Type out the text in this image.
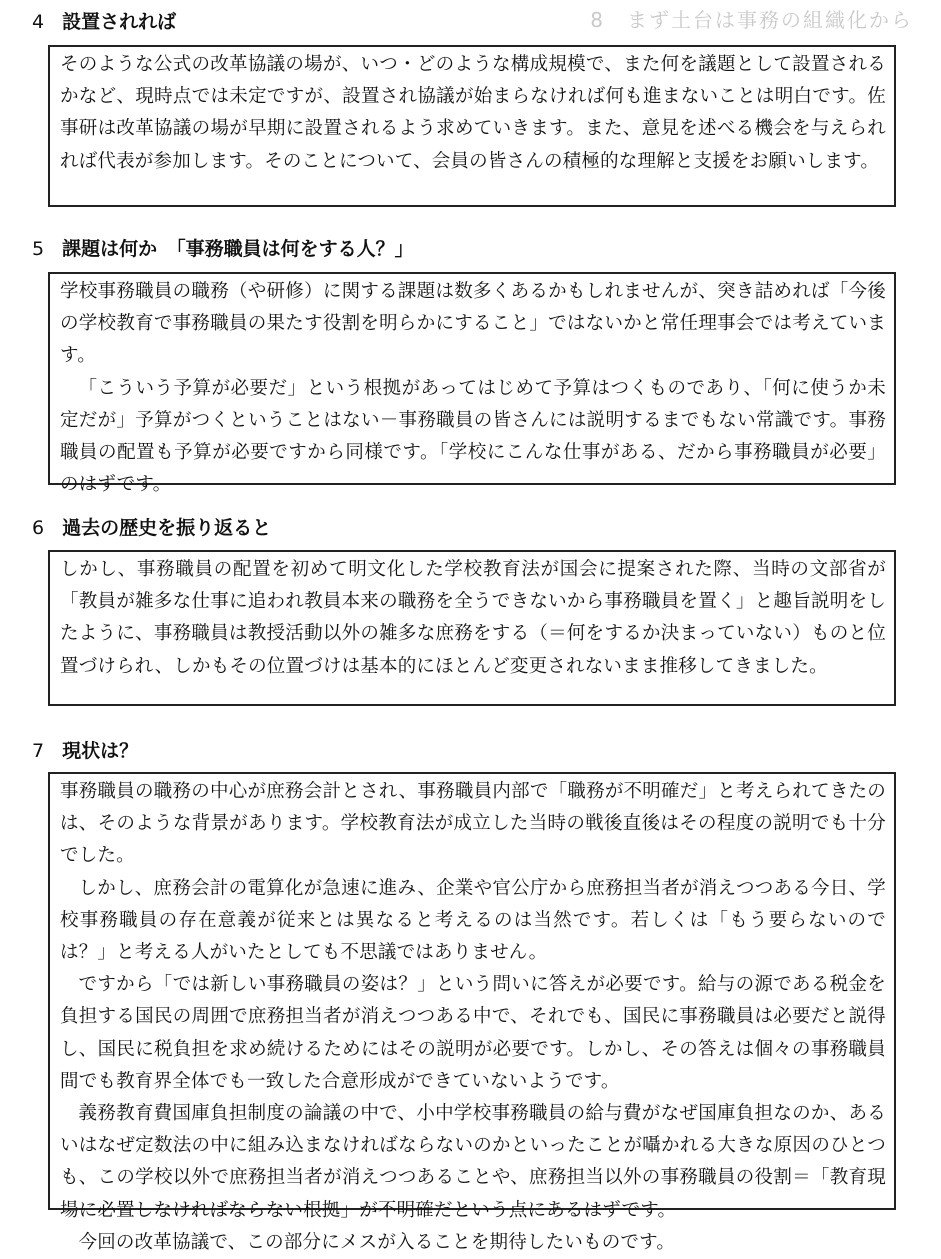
8　まず土台は事務の組織化から
4 設置されれば

そのような公式の改革協議の場が、いつ・どのような構成規模で、また何を議題として設置されるかなど、現時点では未定ですが、設置され協議が始まらなければ何も進まないことは明白です。佐事研は改革協議の場が早期に設置されるよう求めていきます。また、意見を述べる機会を与えられれば代表が参加します。そのことについて、会員の皆さんの積極的な理解と支援をお願いします。

5 課題は何か　「事務職員は何をする人？」

学校事務職員の職務（や研修）に関する課題は数多くあるかもしれませんが、突き詰めれば「今後の学校教育で事務職員の果たす役割を明らかにすること」ではないかと常任理事会では考えています。

「こういう予算が必要だ」という根拠があってはじめて予算はつくものであり、「何に使うか未定だが」予算がつくということはない－事務職員の皆さんには説明するまでもない常識です。事務職員の配置も予算が必要ですから同様です。「学校にこんな仕事がある、だから事務職員が必要」のはずです。

6 過去の歴史を振り返ると

しかし、事務職員の配置を初めて明文化した学校教育法が国会に提案された際、当時の文部省が「教員が雑多な仕事に追われ教員本来の職務を全うできないから事務職員を置く」と趣旨説明をしたように、事務職員は教授活動以外の雑多な庶務をする（＝何をするか決まっていない）ものと位置づけられ、しかもその位置づけは基本的にほとんど変更されないまま推移してきました。

7 現状は？

事務職員の職務の中心が庶務会計とされ、事務職員内部で「職務が不明確だ」と考えられてきたのは、そのような背景があります。学校教育法が成立した当時の戦後直後はその程度の説明でも十分でした。

しかし、庶務会計の電算化が急速に進み、企業や官公庁から庶務担当者が消えつつある今日、学校事務職員の存在意義が従来とは異なると考えるのは当然です。若しくは「もう要らないのでは？」と考える人がいたとしても不思議ではありません。

ですから「では新しい事務職員の姿は？」という問いに答えが必要です。給与の源である税金を負担する国民の周囲で庶務担当者が消えつつある中で、それでも、国民に事務職員は必要だと説得し、国民に税負担を求め続けるためにはその説明が必要です。しかし、その答えは個々の事務職員間でも教育界全体でも一致した合意形成ができていないようです。

義務教育費国庫負担制度の論議の中で、小中学校事務職員の給与費がなぜ国庫負担なのか、あるいはなぜ定数法の中に組み込まなければならないのかといったことが囁かれる大きな原因のひとつも、この学校以外で庶務担当者が消えつつあることや、庶務担当以外の事務職員の役割＝「教育現場に必置しなければならない根拠」が不明確だという点にあるはずです。

今回の改革協議で、この部分にメスが入ることを期待したいものです。
